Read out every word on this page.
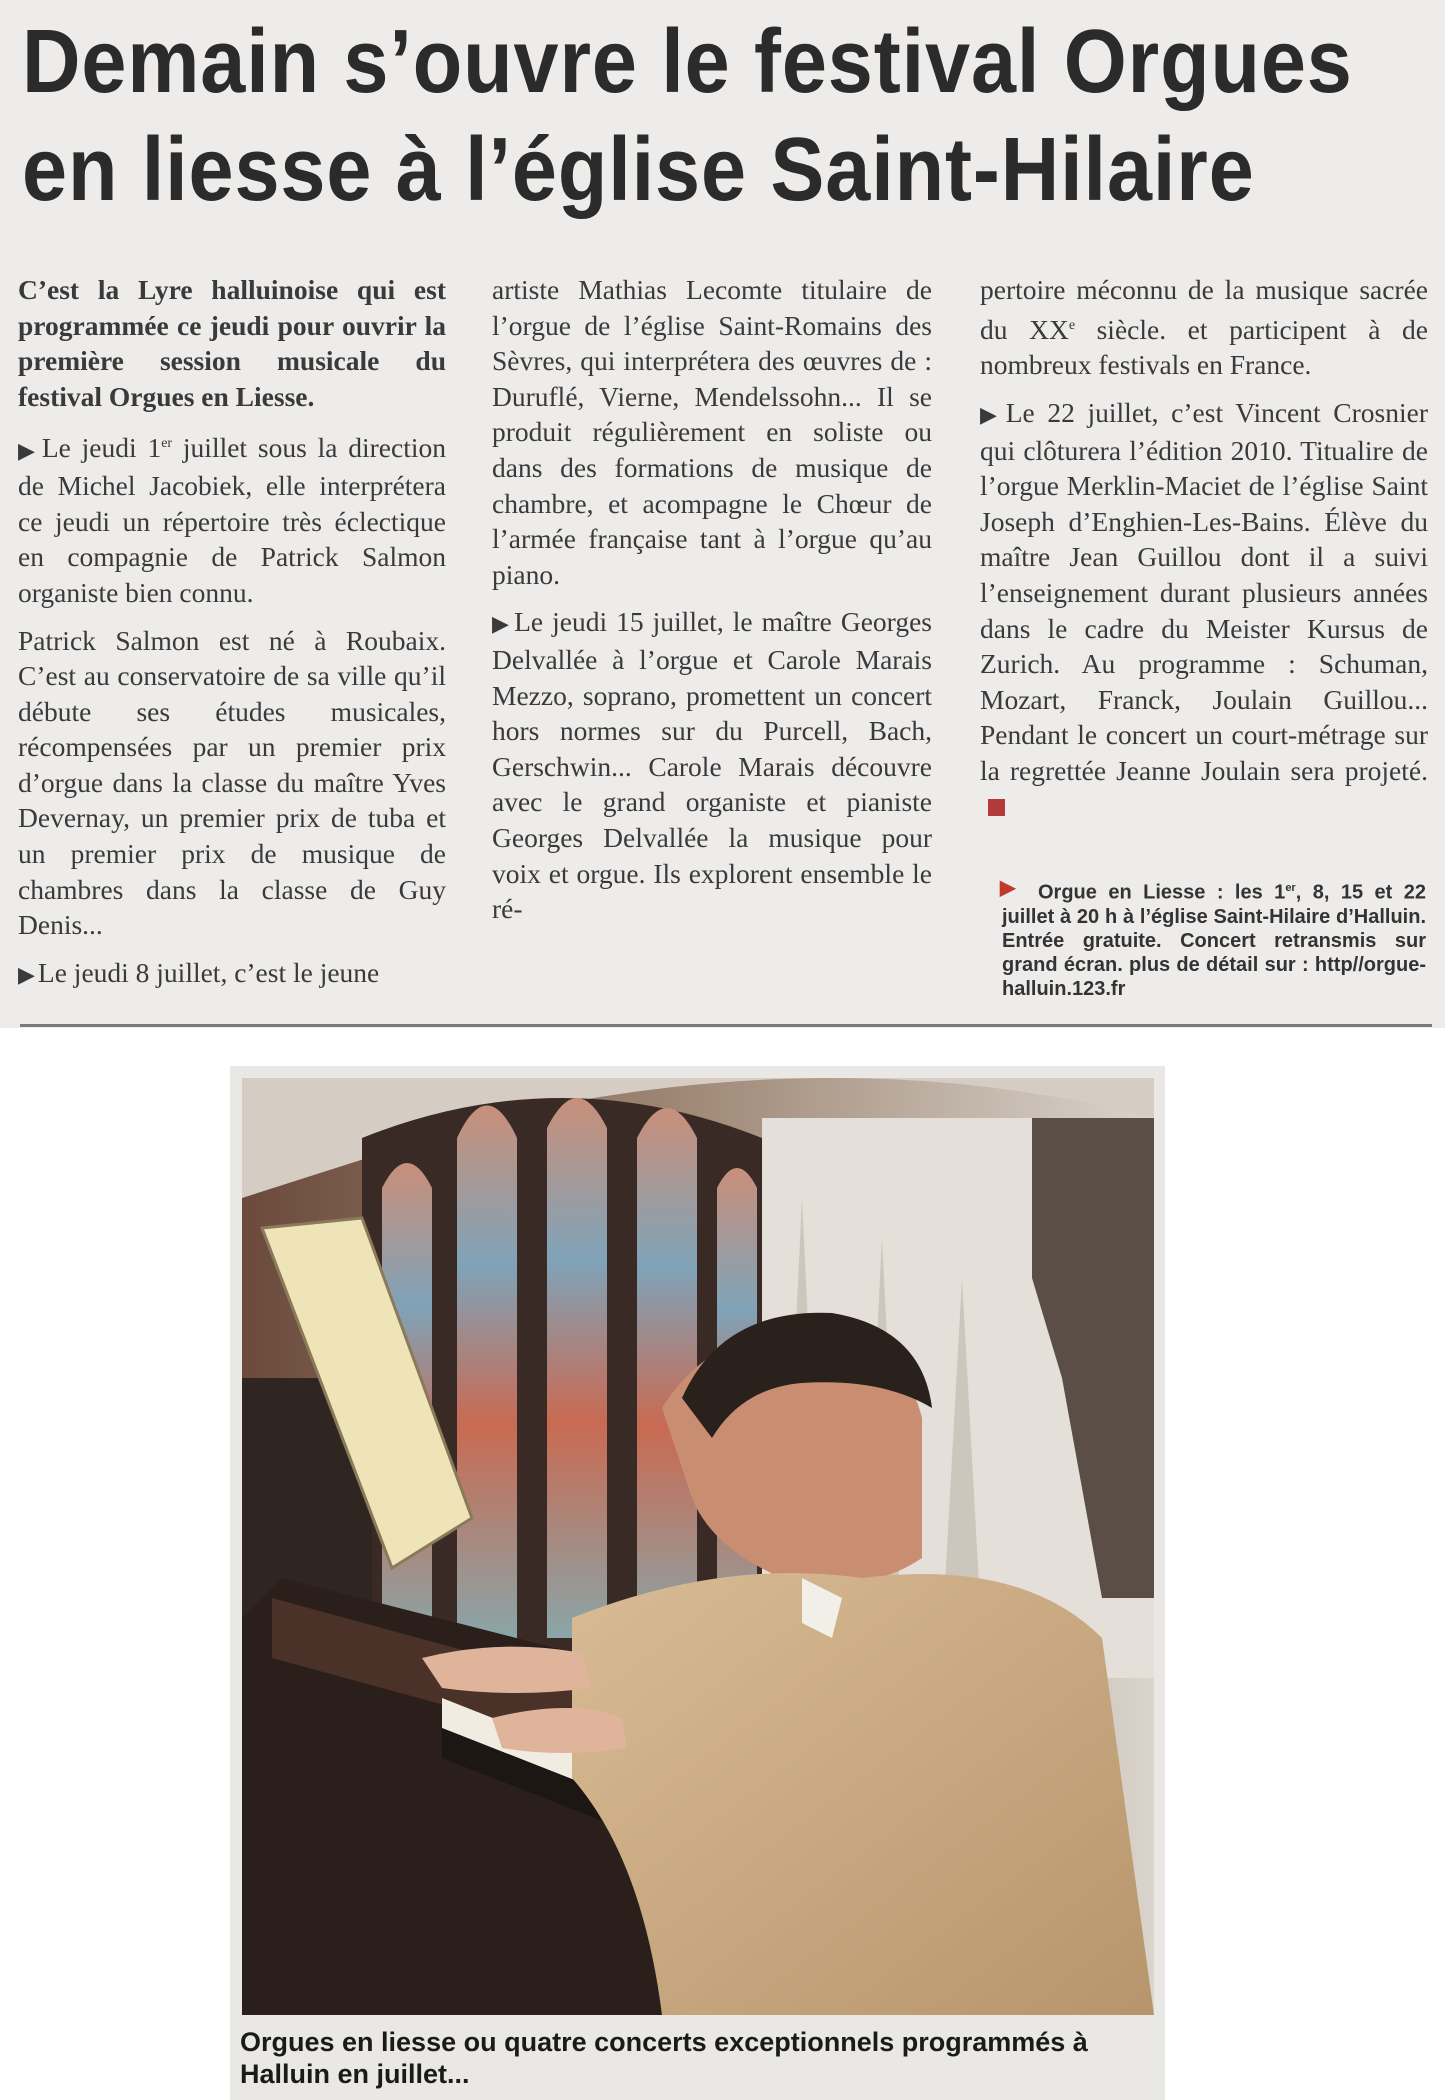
Demain s’ouvre le festival Orgues
en liesse à l’église Saint-Hilaire

C’est la Lyre halluinoise qui est programmée ce jeudi pour ouvrir la première session musicale du festival Orgues en Liesse.

▶ Le jeudi 1er juillet sous la direction de Michel Jacobiek, elle interprétera ce jeudi un répertoire très éclectique en compagnie de Patrick Salmon organiste bien connu.

Patrick Salmon est né à Roubaix. C’est au conservatoire de sa ville qu’il débute ses études musicales, récompensées par un premier prix d’orgue dans la classe du maître Yves Devernay, un premier prix de tuba et un premier prix de musique de chambres dans la classe de Guy Denis...

▶ Le jeudi 8 juillet, c’est le jeune

artiste Mathias Lecomte titulaire de l’orgue de l’église Saint-Romains des Sèvres, qui interprétera des œuvres de : Duruflé, Vierne, Mendelssohn... Il se produit régulièrement en soliste ou dans des formations de musique de chambre, et acompagne le Chœur de l’armée française tant à l’orgue qu’au piano.

▶ Le jeudi 15 juillet, le maître Georges Delvallée à l’orgue et Carole Marais Mezzo, soprano, promettent un concert hors normes sur du Purcell, Bach, Gerschwin... Carole Marais découvre avec le grand organiste et pianiste Georges Delvallée la musique pour voix et orgue. Ils explorent ensemble le ré-

pertoire méconnu de la musique sacrée du XXe siècle. et participent à de nombreux festivals en France.

▶ Le 22 juillet, c’est Vincent Crosnier qui clôturera l’édition 2010. Titualire de l’orgue Merklin-Maciet de l’église Saint Joseph d’Enghien-Les-Bains. Élève du maître Jean Guillou dont il a suivi l’enseignement durant plusieurs années dans le cadre du Meister Kursus de Zurich. Au programme : Schuman, Mozart, Franck, Joulain Guillou... Pendant le concert un court-métrage sur la regrettée Jeanne Joulain sera projeté.

▶	Orgue en Liesse : les 1er, 8, 15 et 22 juillet à 20 h à l’église Saint-Hilaire d’Halluin. Entrée gratuite. Concert retransmis sur grand écran. plus de détail sur : http//orgue-halluin.123.fr

Orgues en liesse ou quatre concerts exceptionnels programmés à Halluin en juillet...
